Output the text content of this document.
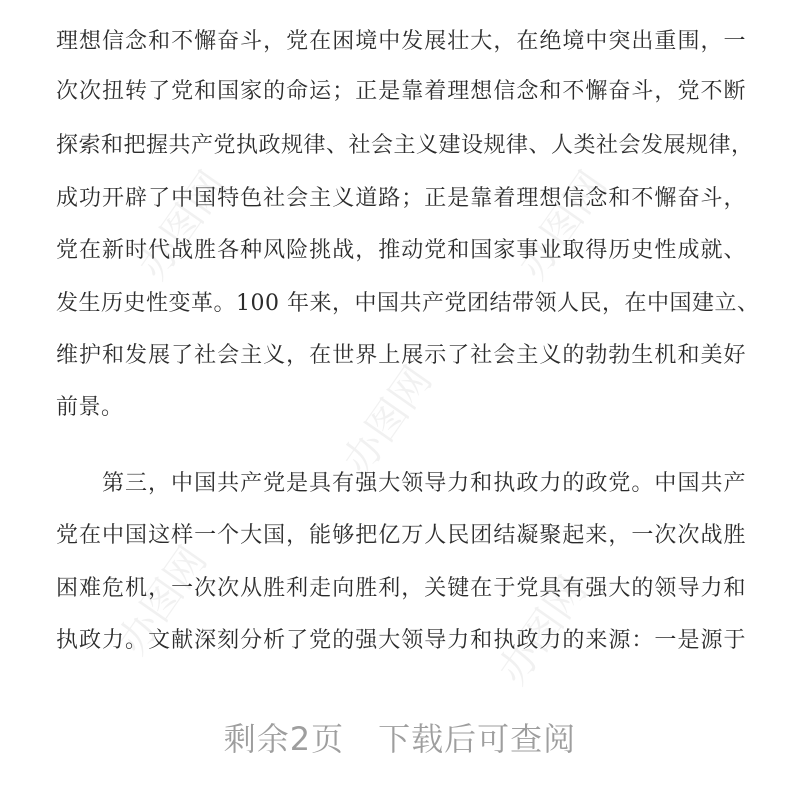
办图网	办图网
办图网
办图网	办图网
理想信念和不懈奋斗，党在困境中发展壮大，在绝境中突出重围，一
次次扭转了党和国家的命运；正是靠着理想信念和不懈奋斗，党不断
探索和把握共产党执政规律、社会主义建设规律、人类社会发展规律，
成功开辟了中国特色社会主义道路；正是靠着理想信念和不懈奋斗，
党在新时代战胜各种风险挑战，推动党和国家事业取得历史性成就、
发生历史性变革。100 年来，中国共产党团结带领人民，在中国建立、
维护和发展了社会主义，在世界上展示了社会主义的勃勃生机和美好
前景。
第三，中国共产党是具有强大领导力和执政力的政党。中国共产
党在中国这样一个大国，能够把亿万人民团结凝聚起来，一次次战胜
困难危机，一次次从胜利走向胜利，关键在于党具有强大的领导力和
执政力。文献深刻分析了党的强大领导力和执政力的来源：一是源于
剩余2页 下载后可查阅
